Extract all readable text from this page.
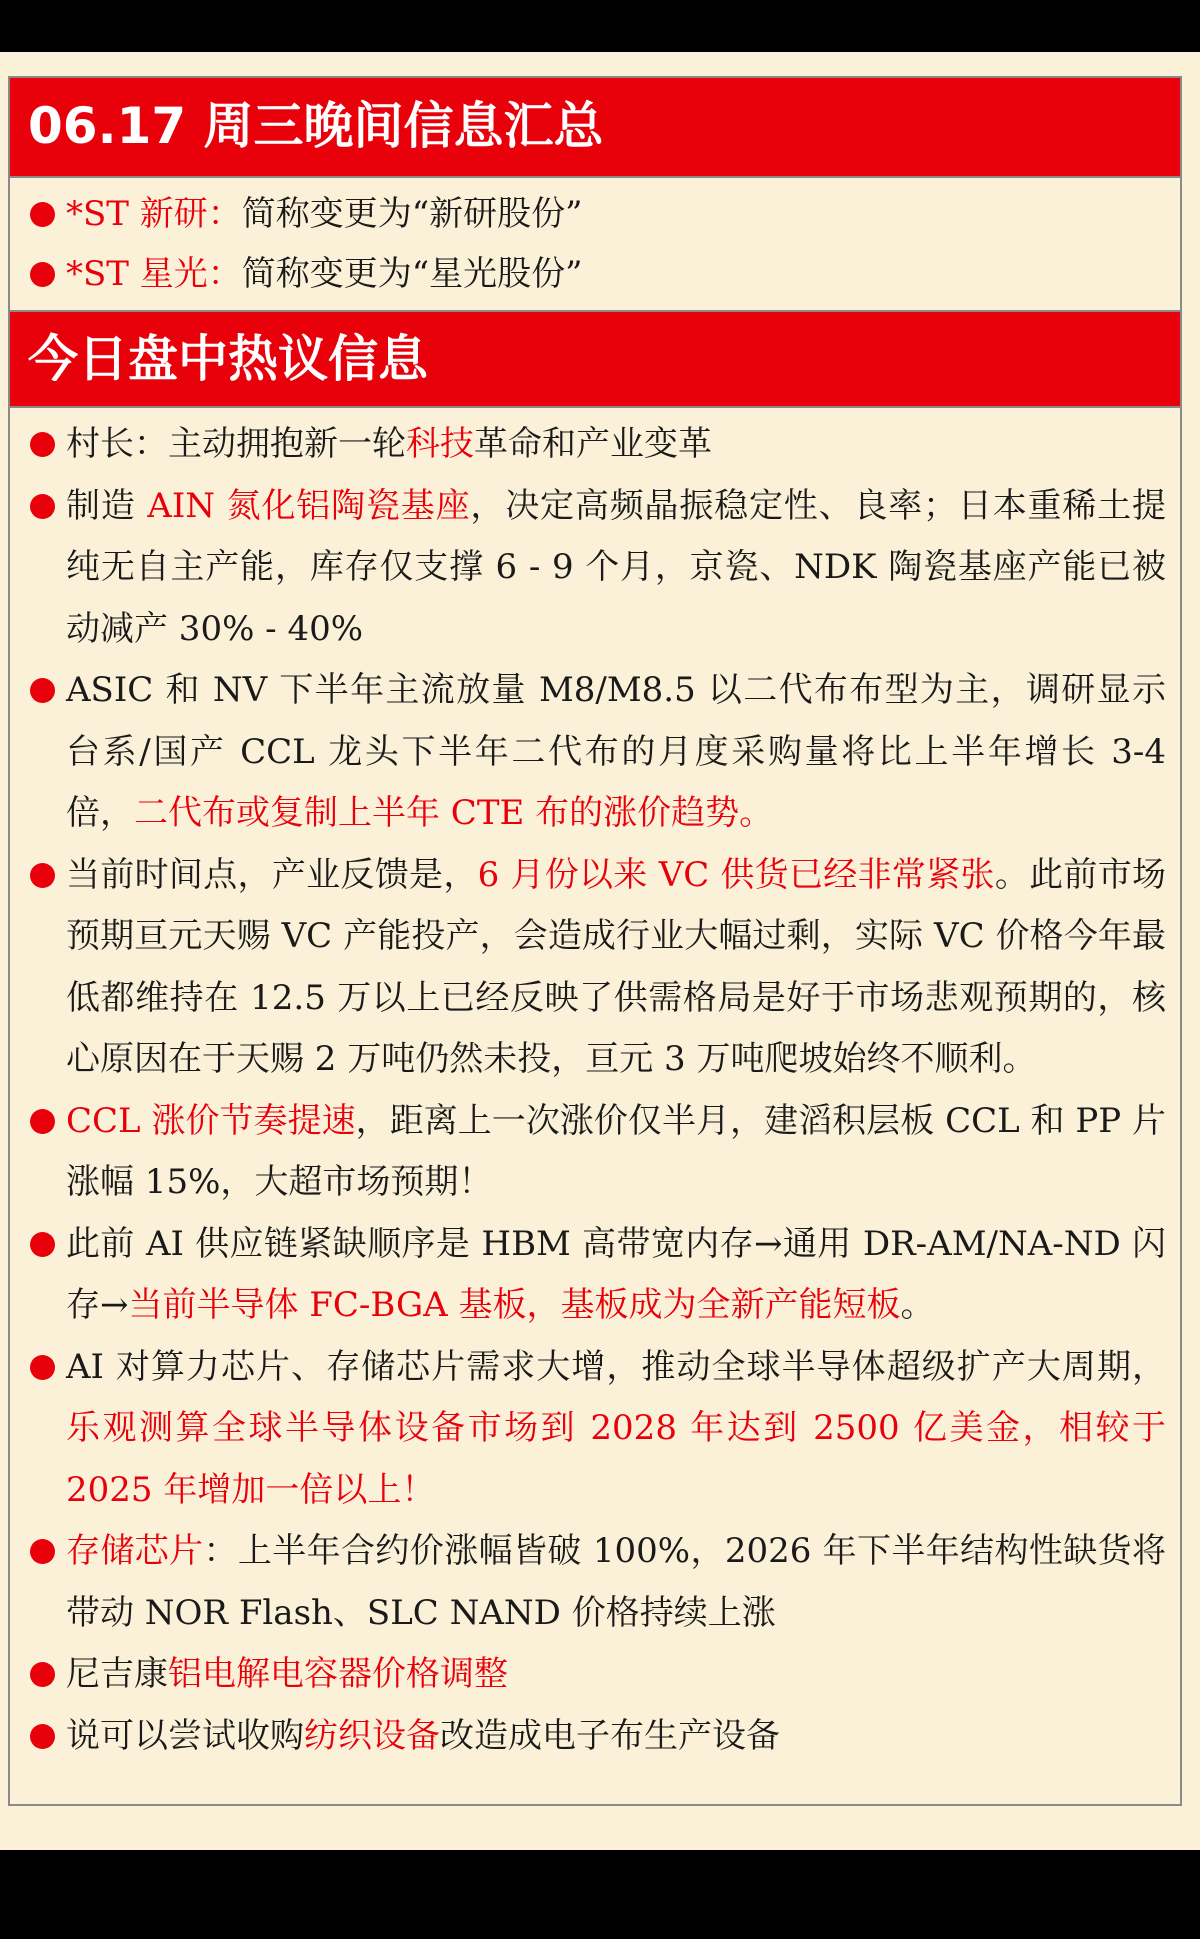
06.17 周三晚间信息汇总
*ST 新研：简称变更为“新研股份”
*ST 星光：简称变更为“星光股份”
今日盘中热议信息
村长：主动拥抱新一轮科技革命和产业变革
制造 AIN 氮化铝陶瓷基座，决定高频晶振稳定性、良率；日本重稀土提纯无自主产能，库存仅支撑 6 - 9 个月，京瓷、NDK 陶瓷基座产能已被动减产 30% - 40%
ASIC 和 NV 下半年主流放量 M8/M8.5 以二代布布型为主，调研显示台系/国产 CCL 龙头下半年二代布的月度采购量将比上半年增长 3-4 倍，二代布或复制上半年 CTE 布的涨价趋势。
当前时间点，产业反馈是，6 月份以来 VC 供货已经非常紧张。此前市场预期亘元天赐 VC 产能投产，会造成行业大幅过剩，实际 VC 价格今年最低都维持在 12.5 万以上已经反映了供需格局是好于市场悲观预期的，核心原因在于天赐 2 万吨仍然未投，亘元 3 万吨爬坡始终不顺利。
CCL 涨价节奏提速，距离上一次涨价仅半月，建滔积层板 CCL 和 PP 片涨幅 15%，大超市场预期！
此前 AI 供应链紧缺顺序是 HBM 高带宽内存→通用 DR-AM/NA-ND 闪存→当前半导体 FC-BGA 基板，基板成为全新产能短板。
AI 对算力芯片、存储芯片需求大增，推动全球半导体超级扩产大周期，乐观测算全球半导体设备市场到 2028 年达到 2500 亿美金，相较于 2025 年增加一倍以上！
存储芯片：上半年合约价涨幅皆破 100%，2026 年下半年结构性缺货将带动 NOR Flash、SLC NAND 价格持续上涨
尼吉康铝电解电容器价格调整
说可以尝试收购纺织设备改造成电子布生产设备
